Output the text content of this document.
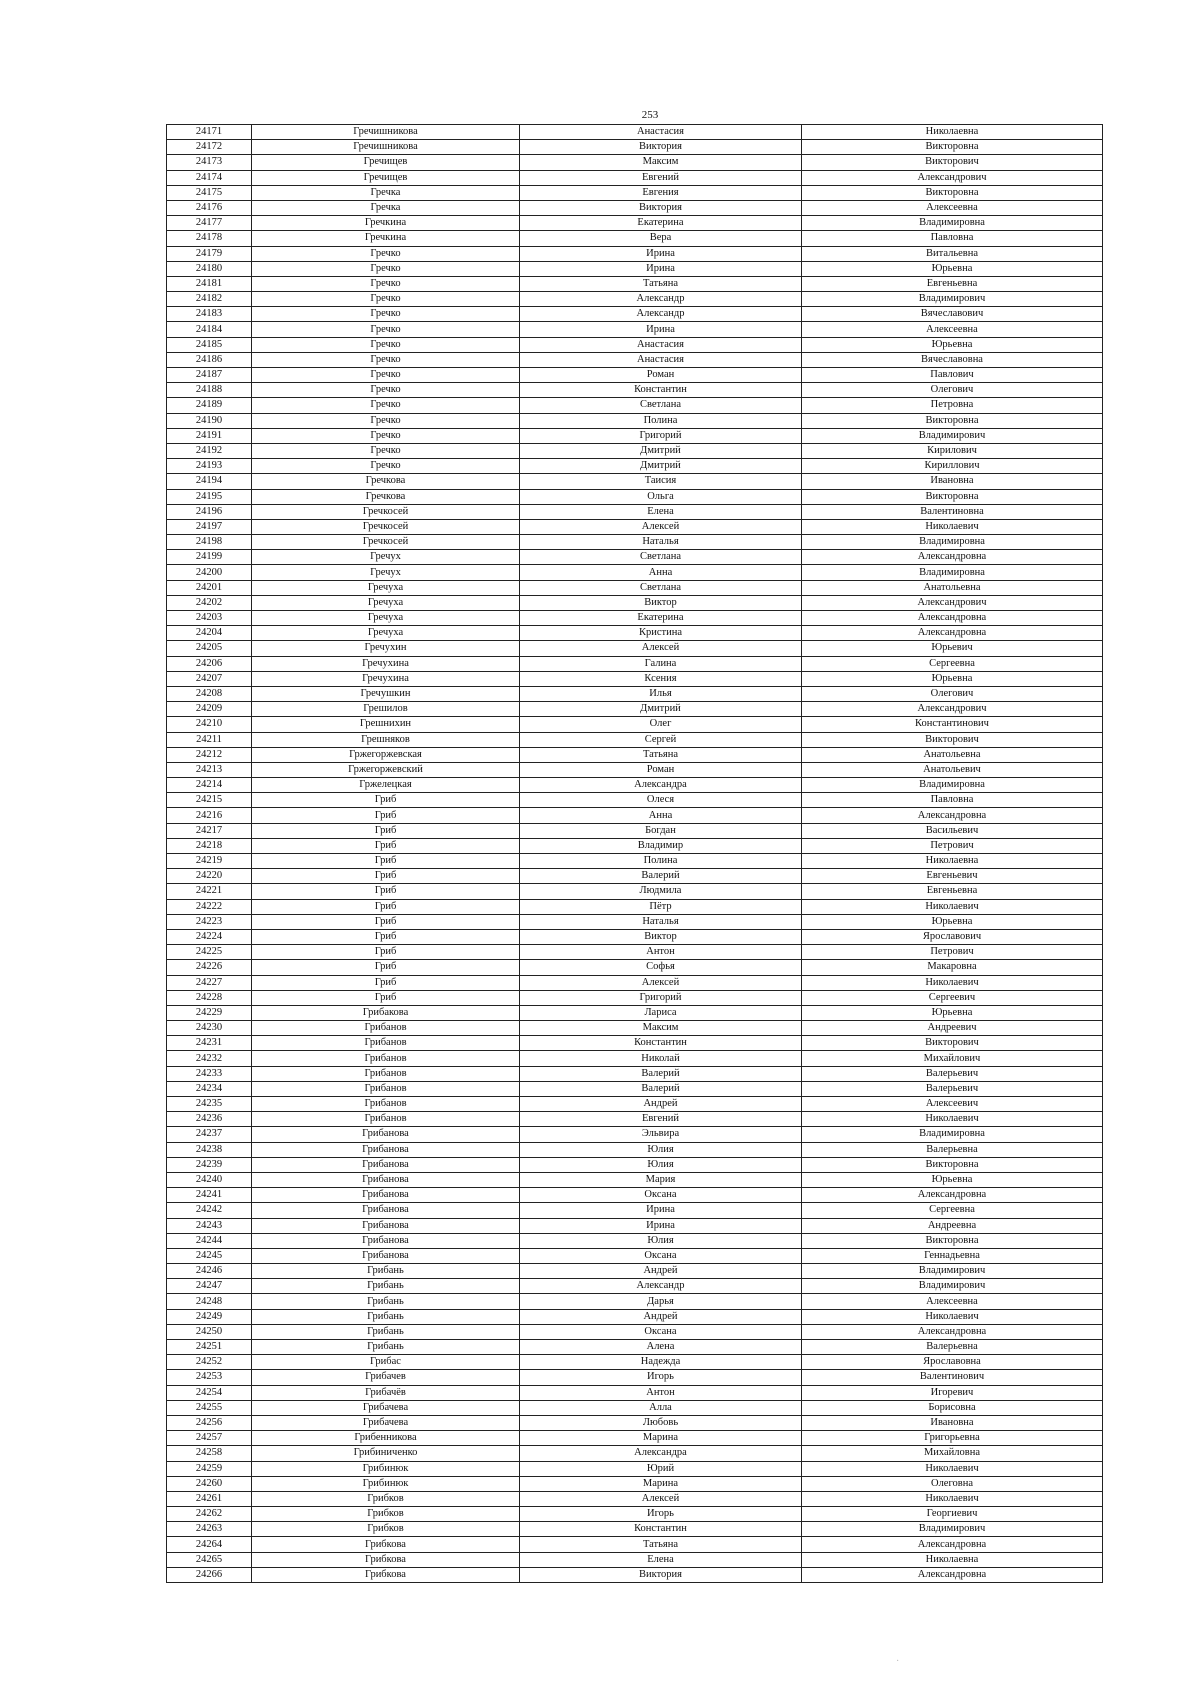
253
24171	Гречишникова	Анастасия	Николаевна
24172	Гречишникова	Виктория	Викторовна
24173	Гречищев	Максим	Викторович
24174	Гречищев	Евгений	Александрович
24175	Гречка	Евгения	Викторовна
24176	Гречка	Виктория	Алексеевна
24177	Гречкина	Екатерина	Владимировна
24178	Гречкина	Вера	Павловна
24179	Гречко	Ирина	Витальевна
24180	Гречко	Ирина	Юрьевна
24181	Гречко	Татьяна	Евгеньевна
24182	Гречко	Александр	Владимирович
24183	Гречко	Александр	Вячеславович
24184	Гречко	Ирина	Алексеевна
24185	Гречко	Анастасия	Юрьевна
24186	Гречко	Анастасия	Вячеславовна
24187	Гречко	Роман	Павлович
24188	Гречко	Константин	Олегович
24189	Гречко	Светлана	Петровна
24190	Гречко	Полина	Викторовна
24191	Гречко	Григорий	Владимирович
24192	Гречко	Дмитрий	Кирилович
24193	Гречко	Дмитрий	Кириллович
24194	Гречкова	Таисия	Ивановна
24195	Гречкова	Ольга	Викторовна
24196	Гречкосей	Елена	Валентиновна
24197	Гречкосей	Алексей	Николаевич
24198	Гречкосей	Наталья	Владимировна
24199	Гречух	Светлана	Александровна
24200	Гречух	Анна	Владимировна
24201	Гречуха	Светлана	Анатольевна
24202	Гречуха	Виктор	Александрович
24203	Гречуха	Екатерина	Александровна
24204	Гречуха	Кристина	Александровна
24205	Гречухин	Алексей	Юрьевич
24206	Гречухина	Галина	Сергеевна
24207	Гречухина	Ксения	Юрьевна
24208	Гречушкин	Илья	Олегович
24209	Грешилов	Дмитрий	Александрович
24210	Грешнихин	Олег	Константинович
24211	Грешняков	Сергей	Викторович
24212	Гржегоржевская	Татьяна	Анатольевна
24213	Гржегоржевский	Роман	Анатольевич
24214	Гржелецкая	Александра	Владимировна
24215	Гриб	Олеся	Павловна
24216	Гриб	Анна	Александровна
24217	Гриб	Богдан	Васильевич
24218	Гриб	Владимир	Петрович
24219	Гриб	Полина	Николаевна
24220	Гриб	Валерий	Евгеньевич
24221	Гриб	Людмила	Евгеньевна
24222	Гриб	Пётр	Николаевич
24223	Гриб	Наталья	Юрьевна
24224	Гриб	Виктор	Ярославович
24225	Гриб	Антон	Петрович
24226	Гриб	Софья	Макаровна
24227	Гриб	Алексей	Николаевич
24228	Гриб	Григорий	Сергеевич
24229	Грибакова	Лариса	Юрьевна
24230	Грибанов	Максим	Андреевич
24231	Грибанов	Константин	Викторович
24232	Грибанов	Николай	Михайлович
24233	Грибанов	Валерий	Валерьевич
24234	Грибанов	Валерий	Валерьевич
24235	Грибанов	Андрей	Алексеевич
24236	Грибанов	Евгений	Николаевич
24237	Грибанова	Эльвира	Владимировна
24238	Грибанова	Юлия	Валерьевна
24239	Грибанова	Юлия	Викторовна
24240	Грибанова	Мария	Юрьевна
24241	Грибанова	Оксана	Александровна
24242	Грибанова	Ирина	Сергеевна
24243	Грибанова	Ирина	Андреевна
24244	Грибанова	Юлия	Викторовна
24245	Грибанова	Оксана	Геннадьевна
24246	Грибань	Андрей	Владимирович
24247	Грибань	Александр	Владимирович
24248	Грибань	Дарья	Алексеевна
24249	Грибань	Андрей	Николаевич
24250	Грибань	Оксана	Александровна
24251	Грибань	Алена	Валерьевна
24252	Грибас	Надежда	Ярославовна
24253	Грибачев	Игорь	Валентинович
24254	Грибачёв	Антон	Игоревич
24255	Грибачева	Алла	Борисовна
24256	Грибачева	Любовь	Ивановна
24257	Грибенникова	Марина	Григорьевна
24258	Грибиниченко	Александра	Михайловна
24259	Грибинюк	Юрий	Николаевич
24260	Грибинюк	Марина	Олеговна
24261	Грибков	Алексей	Николаевич
24262	Грибков	Игорь	Георгиевич
24263	Грибков	Константин	Владимирович
24264	Грибкова	Татьяна	Александровна
24265	Грибкова	Елена	Николаевна
24266	Грибкова	Виктория	Александровна
·
